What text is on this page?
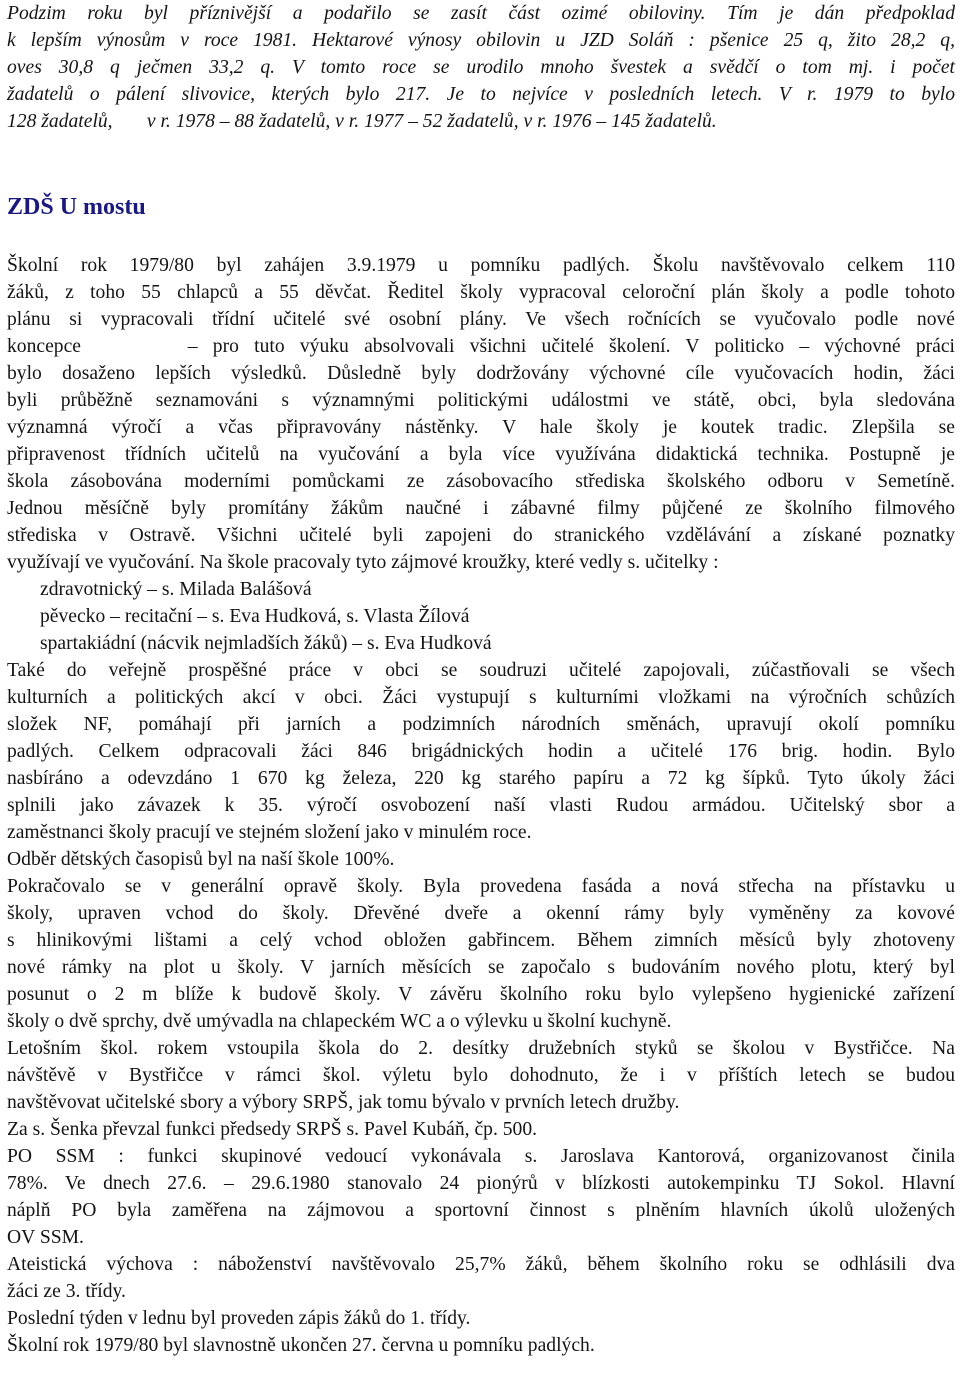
Podzim roku byl příznivější a podařilo se zasít část ozimé obiloviny. Tím je dán předpoklad
k lepším výnosům v roce 1981. Hektarové výnosy obilovin u JZD Soláň : pšenice 25 q, žito 28,2 q,
oves 30,8 q ječmen 33,2 q. V tomto roce se urodilo mnoho švestek a svědčí o tom mj. i počet
žadatelů o pálení slivovice, kterých bylo 217. Je to nejvíce v posledních letech. V r. 1979 to bylo
128 žadatelů,       v r. 1978 – 88 žadatelů, v r. 1977 – 52 žadatelů, v r. 1976 – 145 žadatelů.
ZDŠ U mostu
Školní rok 1979/80 byl zahájen 3.9.1979 u pomníku padlých. Školu navštěvovalo celkem 110
žáků, z toho 55 chlapců a 55 děvčat. Ředitel školy vypracoval celoroční plán školy a podle tohoto
plánu si vypracovali třídní učitelé své osobní plány. Ve všech ročnících se vyučovalo podle nové
koncepce       – pro tuto výuku absolvovali všichni učitelé školení. V politicko – výchovné práci
bylo dosaženo lepších výsledků. Důsledně byly dodržovány výchovné cíle vyučovacích hodin, žáci
byli průběžně seznamováni s významnými politickými událostmi ve státě, obci, byla sledována
významná výročí a včas připravovány nástěnky. V hale školy je koutek tradic. Zlepšila se
připravenost třídních učitelů na vyučování a byla více využívána didaktická technika. Postupně je
škola zásobována moderními pomůckami ze zásobovacího střediska školského odboru v Semetíně.
Jednou měsíčně byly promítány žákům naučné i zábavné filmy půjčené ze školního filmového
střediska v Ostravě. Všichni učitelé byli zapojeni do stranického vzdělávání a získané poznatky
využívají ve vyučování. Na škole pracovaly tyto zájmové kroužky, které vedly s. učitelky :
zdravotnický – s. Milada Balášová
pěvecko – recitační – s. Eva Hudková, s. Vlasta Žílová
spartakiádní (nácvik nejmladších žáků) – s. Eva Hudková
Také do veřejně prospěšné práce v obci se soudruzi učitelé zapojovali, zúčastňovali se všech
kulturních a politických akcí v obci. Žáci vystupují s kulturními vložkami na výročních schůzích
složek NF, pomáhají při jarních a podzimních národních směnách, upravují okolí pomníku
padlých. Celkem odpracovali žáci 846 brigádnických hodin a učitelé 176 brig. hodin. Bylo
nasbíráno a odevzdáno 1 670 kg železa, 220 kg starého papíru a 72 kg šípků. Tyto úkoly žáci
splnili jako závazek k 35. výročí osvobození naší vlasti Rudou armádou. Učitelský sbor a
zaměstnanci školy pracují ve stejném složení jako v minulém roce.
Odběr dětských časopisů byl na naší škole 100%.
Pokračovalo se v generální opravě školy. Byla provedena fasáda a nová střecha na přístavku u
školy, upraven vchod do školy. Dřevěné dveře a okenní rámy byly vyměněny za kovové
s hlinikovými lištami a celý vchod obložen gabřincem. Během zimních měsíců byly zhotoveny
nové rámky na plot u školy. V jarních měsících se započalo s budováním nového plotu, který byl
posunut o 2 m blíže k budově školy. V závěru školního roku bylo vylepšeno hygienické zařízení
školy o dvě sprchy, dvě umývadla na chlapeckém WC a o výlevku u školní kuchyně.
Letošním škol. rokem vstoupila škola do 2. desítky družebních styků se školou v Bystřičce. Na
návštěvě v Bystřičce v rámci škol. výletu bylo dohodnuto, že i v příštích letech se budou
navštěvovat učitelské sbory a výbory SRPŠ, jak tomu bývalo v prvních letech družby.
Za s. Šenka převzal funkci předsedy SRPŠ s. Pavel Kubáň, čp. 500.
PO SSM : funkci skupinové vedoucí vykonávala s. Jaroslava Kantorová, organizovanost činila
78%. Ve dnech 27.6. – 29.6.1980 stanovalo 24 pionýrů v blízkosti autokempinku TJ Sokol. Hlavní
náplň PO byla zaměřena na zájmovou a sportovní činnost s plněním hlavních úkolů uložených
OV SSM.
Ateistická výchova : náboženství navštěvovalo 25,7% žáků, během školního roku se odhlásili dva
žáci ze 3. třídy.
Poslední týden v lednu byl proveden zápis žáků do 1. třídy.
Školní rok 1979/80 byl slavnostně ukončen 27. června u pomníku padlých.
